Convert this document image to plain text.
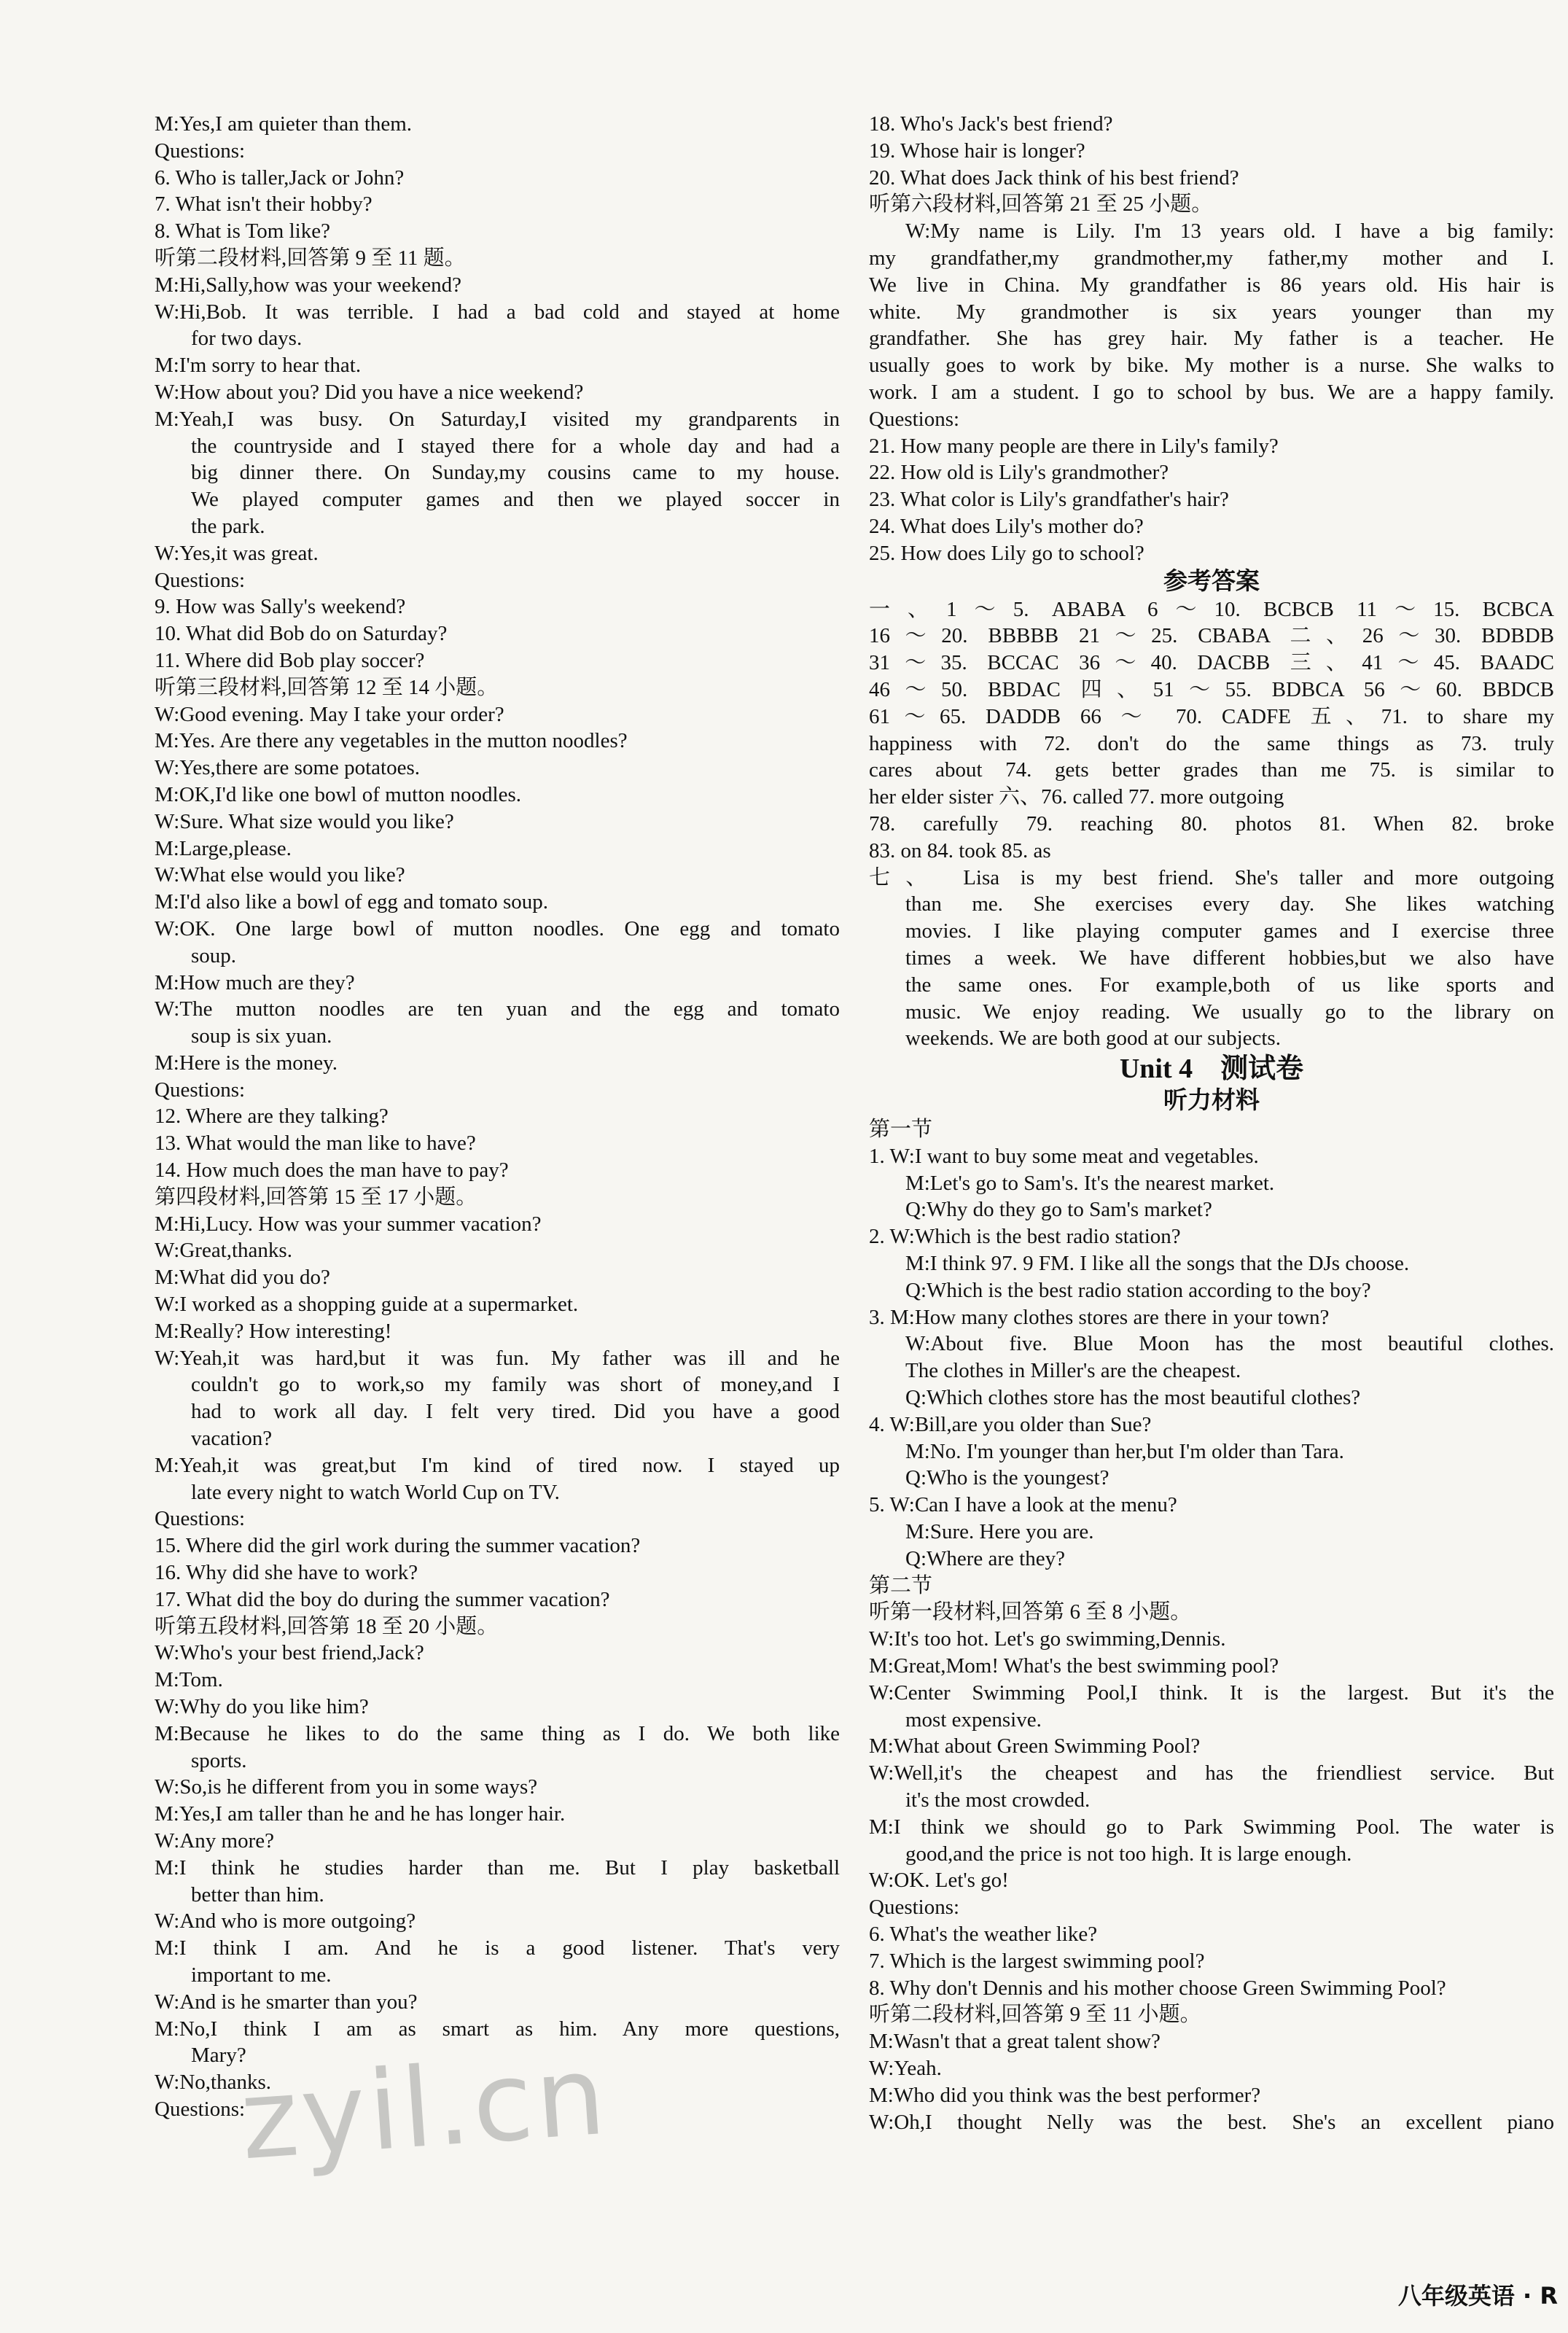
M:Yes,I am quieter than them.
Questions:
6. Who is taller,Jack or John?
7. What isn't their hobby?
8. What is Tom like?
听第二段材料,回答第 9 至 11 题。
M:Hi,Sally,how was your weekend?
W:Hi,Bob. It was terrible. I had a bad cold and stayed at home
for two days.
M:I'm sorry to hear that.
W:How about you? Did you have a nice weekend?
M:Yeah,I was busy. On Saturday,I visited my grandparents in
the countryside and I stayed there for a whole day and had a
big dinner there. On Sunday,my cousins came to my house.
We played computer games and then we played soccer in
the park.
W:Yes,it was great.
Questions:
9. How was Sally's weekend?
10. What did Bob do on Saturday?
11. Where did Bob play soccer?
听第三段材料,回答第 12 至 14 小题。
W:Good evening. May I take your order?
M:Yes. Are there any vegetables in the mutton noodles?
W:Yes,there are some potatoes.
M:OK,I'd like one bowl of mutton noodles.
W:Sure. What size would you like?
M:Large,please.
W:What else would you like?
M:I'd also like a bowl of egg and tomato soup.
W:OK. One large bowl of mutton noodles. One egg and tomato
soup.
M:How much are they?
W:The mutton noodles are ten yuan and the egg and tomato
soup is six yuan.
M:Here is the money.
Questions:
12. Where are they talking?
13. What would the man like to have?
14. How much does the man have to pay?
第四段材料,回答第 15 至 17 小题。
M:Hi,Lucy. How was your summer vacation?
W:Great,thanks.
M:What did you do?
W:I worked as a shopping guide at a supermarket.
M:Really? How interesting!
W:Yeah,it was hard,but it was fun. My father was ill and he
couldn't go to work,so my family was short of money,and I
had to work all day. I felt very tired. Did you have a good
vacation?
M:Yeah,it was great,but I'm kind of tired now. I stayed up
late every night to watch World Cup on TV.
Questions:
15. Where did the girl work during the summer vacation?
16. Why did she have to work?
17. What did the boy do during the summer vacation?
听第五段材料,回答第 18 至 20 小题。
W:Who's your best friend,Jack?
M:Tom.
W:Why do you like him?
M:Because he likes to do the same thing as I do. We both like
sports.
W:So,is he different from you in some ways?
M:Yes,I am taller than he and he has longer hair.
W:Any more?
M:I think he studies harder than me. But I play basketball
better than him.
W:And who is more outgoing?
M:I think I am. And he is a good listener. That's very
important to me.
W:And is he smarter than you?
M:No,I think I am as smart as him. Any more questions,
Mary?
W:No,thanks.
Questions:
18. Who's Jack's best friend?
19. Whose hair is longer?
20. What does Jack think of his best friend?
听第六段材料,回答第 21 至 25 小题。
W:My name is Lily. I'm 13 years old. I have a big family:
my grandfather,my grandmother,my father,my mother and I.
We live in China. My grandfather is 86 years old. His hair is
white. My grandmother is six years younger than my
grandfather. She has grey hair. My father is a teacher. He
usually goes to work by bike. My mother is a nurse. She walks to
work. I am a student. I go to school by bus. We are a happy family.
Questions:
21. How many people are there in Lily's family?
22. How old is Lily's grandmother?
23. What color is Lily's grandfather's hair?
24. What does Lily's mother do?
25. How does Lily go to school?
参考答案
一、1～5. ABABA 6～10. BCBCB 11～15. BCBCA
16～20. BBBBB 21～25. CBABA 二、26～30. BDBDB
31～35. BCCAC 36～40. DACBB 三、41～45. BAADC
46～50. BBDAC 四、51～55. BDBCA 56～60. BBDCB
61～65. DADDB 66 ～ 70. CADFE 五、71. to share my
happiness with 72. don't do the same things as 73. truly
cares about 74. gets better grades than me 75. is similar to
her elder sister 六、76. called 77. more outgoing
78. carefully 79. reaching 80. photos 81. When 82. broke
83. on 84. took 85. as
七、 Lisa is my best friend. She's taller and more outgoing
than me. She exercises every day. She likes watching
movies. I like playing computer games and I exercise three
times a week. We have different hobbies,but we also have
the same ones. For example,both of us like sports and
music. We enjoy reading. We usually go to the library on
weekends. We are both good at our subjects.
Unit 4　测试卷
听力材料
第一节
1. W:I want to buy some meat and vegetables.
M:Let's go to Sam's. It's the nearest market.
Q:Why do they go to Sam's market?
2. W:Which is the best radio station?
M:I think 97. 9 FM. I like all the songs that the DJs choose.
Q:Which is the best radio station according to the boy?
3. M:How many clothes stores are there in your town?
W:About five. Blue Moon has the most beautiful clothes.
The clothes in Miller's are the cheapest.
Q:Which clothes store has the most beautiful clothes?
4. W:Bill,are you older than Sue?
M:No. I'm younger than her,but I'm older than Tara.
Q:Who is the youngest?
5. W:Can I have a look at the menu?
M:Sure. Here you are.
Q:Where are they?
第二节
听第一段材料,回答第 6 至 8 小题。
W:It's too hot. Let's go swimming,Dennis.
M:Great,Mom! What's the best swimming pool?
W:Center Swimming Pool,I think. It is the largest. But it's the
most expensive.
M:What about Green Swimming Pool?
W:Well,it's the cheapest and has the friendliest service. But
it's the most crowded.
M:I think we should go to Park Swimming Pool. The water is
good,and the price is not too high. It is large enough.
W:OK. Let's go!
Questions:
6. What's the weather like?
7. Which is the largest swimming pool?
8. Why don't Dennis and his mother choose Green Swimming Pool?
听第二段材料,回答第 9 至 11 小题。
M:Wasn't that a great talent show?
W:Yeah.
M:Who did you think was the best performer?
W:Oh,I thought Nelly was the best. She's an excellent piano
八年级英语 · R
zyil.cn
